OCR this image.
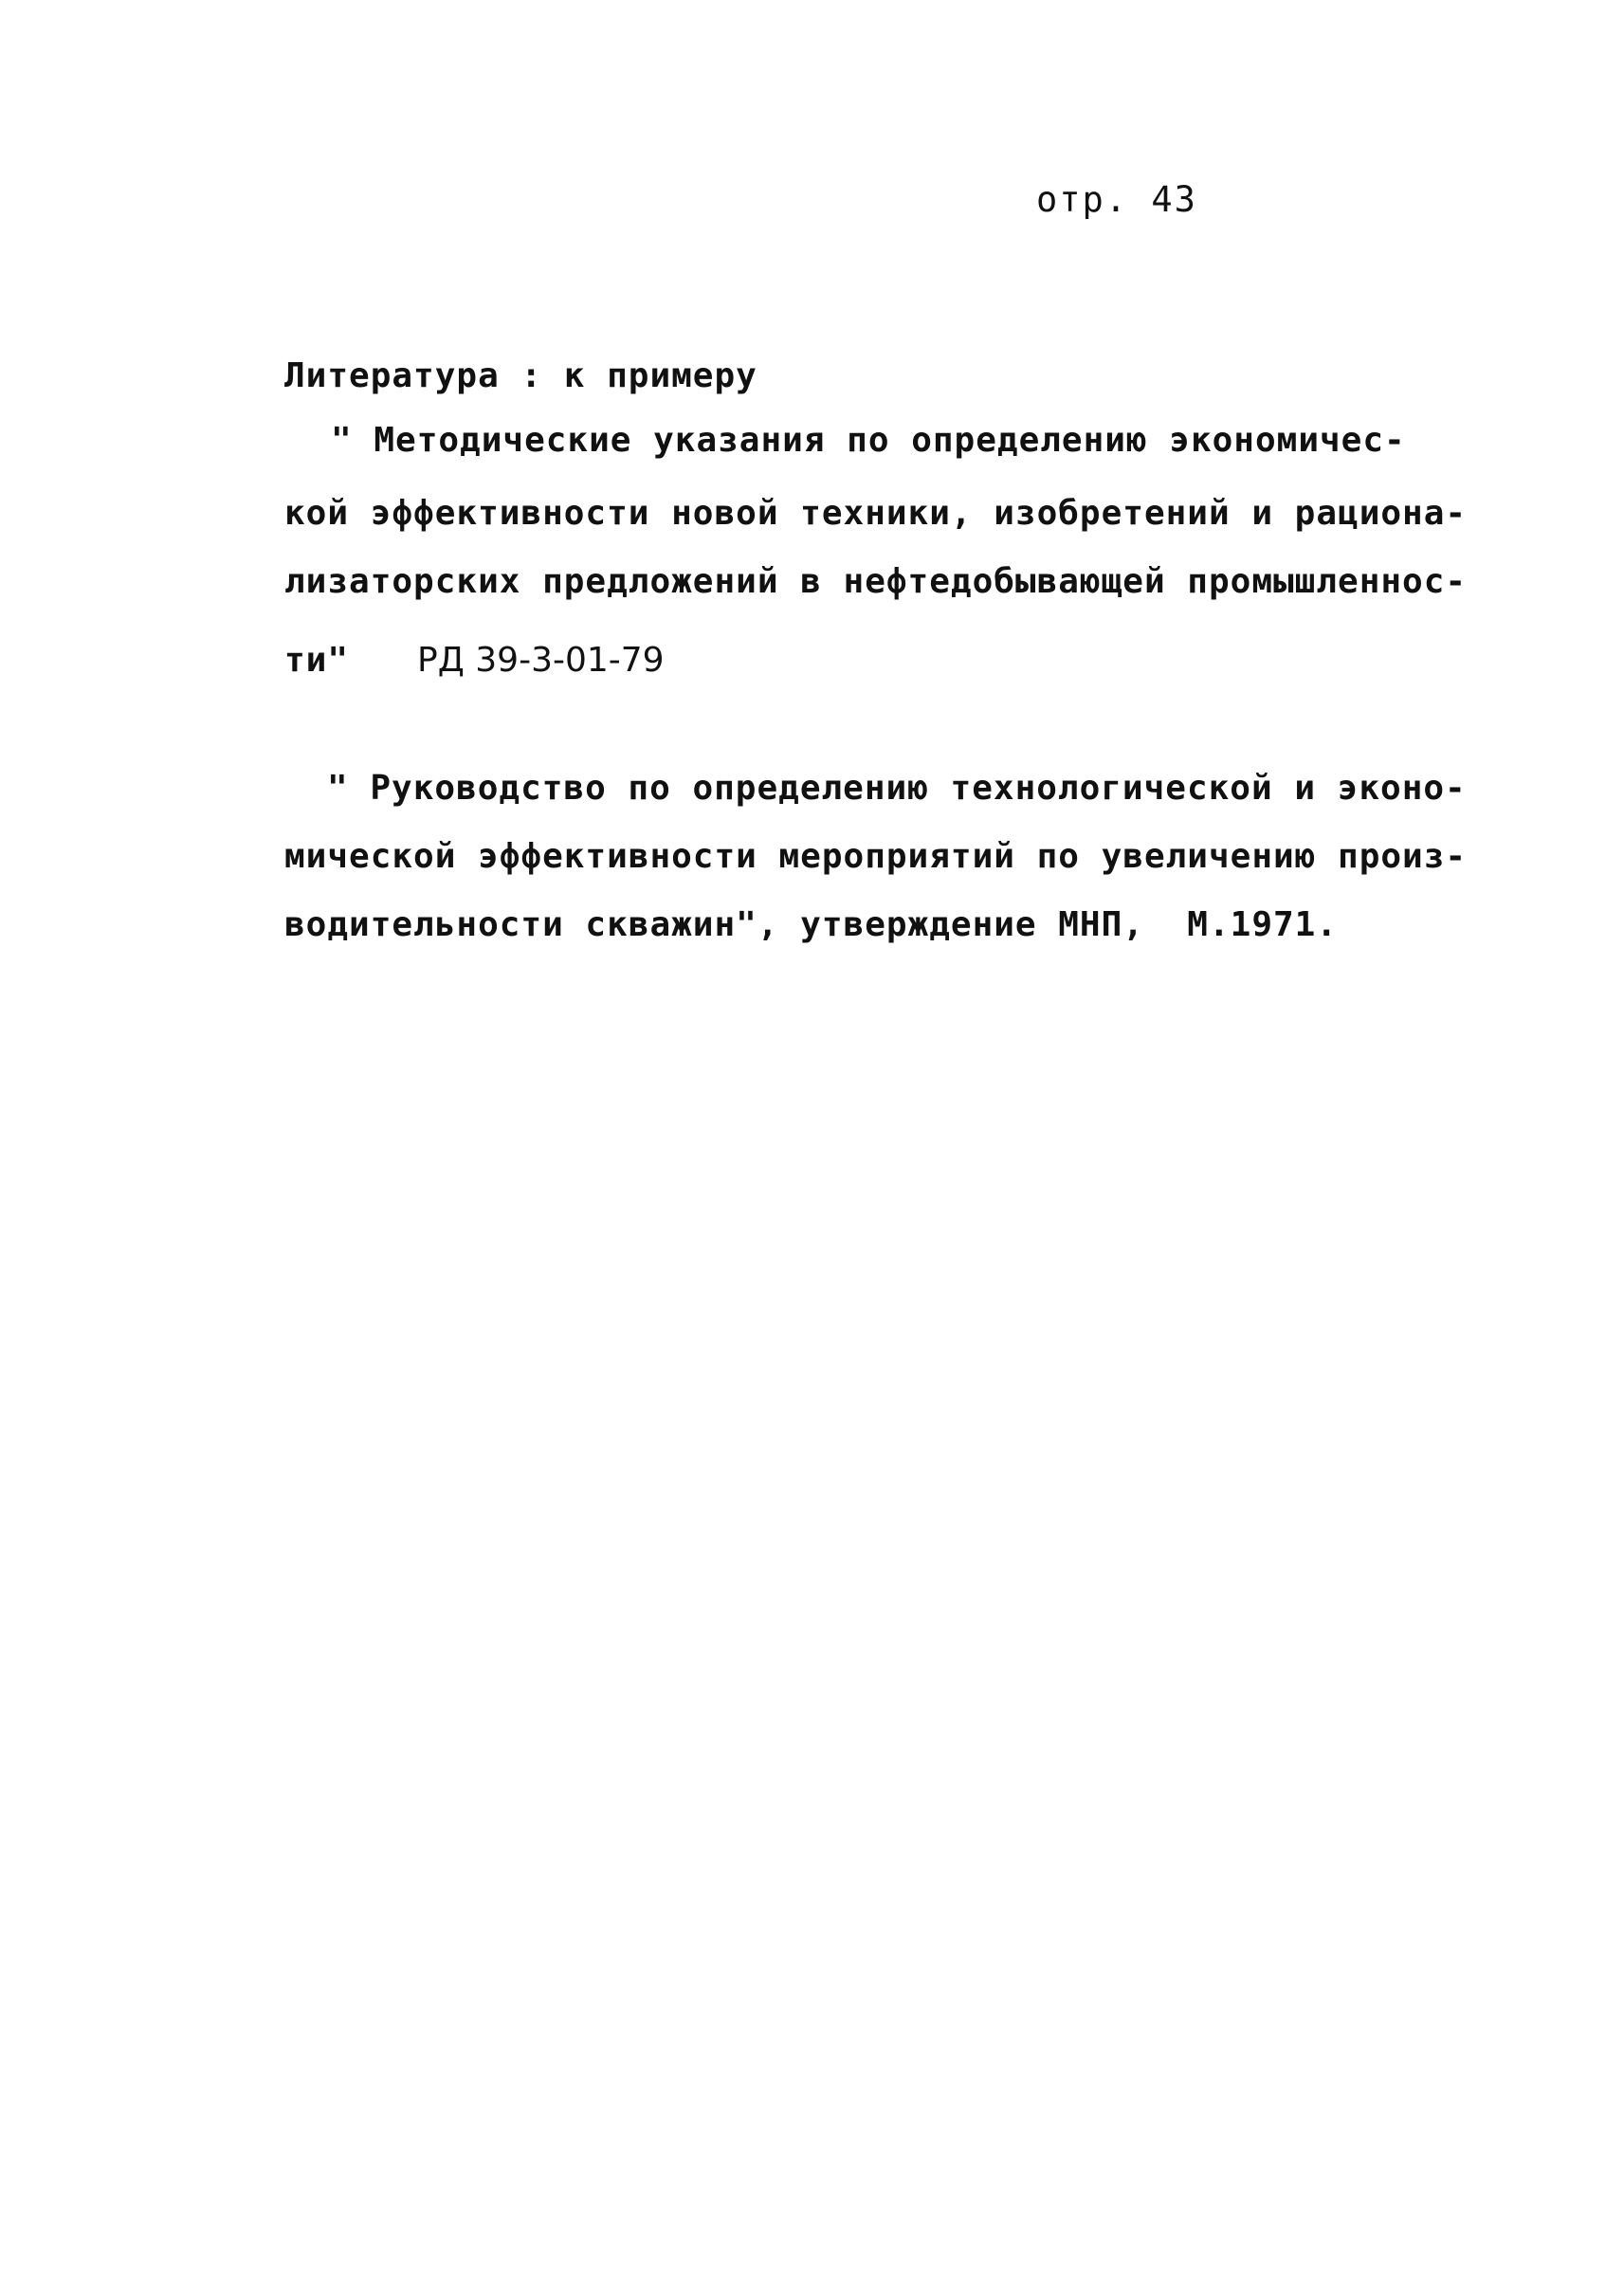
отр. 43
Литература : к примеру
" Методические указания по определению экономичес-
кой эффективности новой техники, изобретений и рациона-
лизаторских предложений в нефтедобывающей промышленнос-
ти" РД 39-3-01-79
" Руководство по определению технологической и эконо-
мической эффективности мероприятий по увеличению произ-
водительности скважин", утверждение МНП,  М.1971.
